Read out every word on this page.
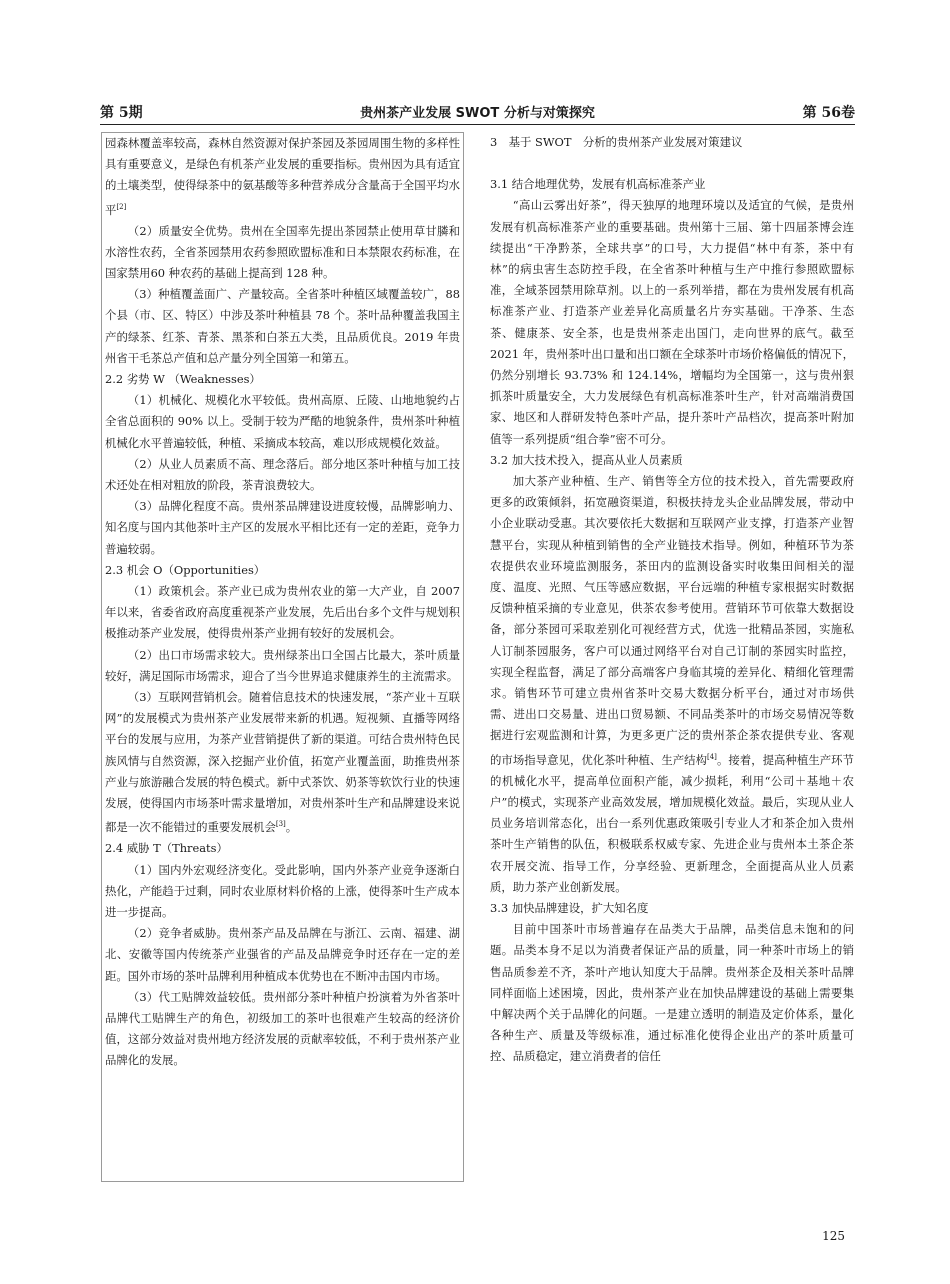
第 5期	贵州茶产业发展 SWOT 分析与对策探究	第 56卷

园森林覆盖率较高，森林自然资源对保护茶园及茶园周围生物的多样性具有重要意义，是绿色有机茶产业发展的重要指标。贵州因为具有适宜的土壤类型，使得绿茶中的氨基酸等多种营养成分含量高于全国平均水平[2]

（2）质量安全优势。贵州在全国率先提出茶园禁止使用草甘膦和水溶性农药，全省茶园禁用农药参照欧盟标准和日本禁限农药标准，在国家禁用60 种农药的基础上提高到 128 种。

（3）种植覆盖面广、产量较高。全省茶叶种植区域覆盖较广，88 个县（市、区、特区）中涉及茶叶种植县 78 个。茶叶品种覆盖我国主产的绿茶、红茶、青茶、黑茶和白茶五大类，且品质优良。2019 年贵州省干毛茶总产值和总产量分列全国第一和第五。

2.2 劣势 W （Weaknesses）

（1）机械化、规模化水平较低。贵州高原、丘陵、山地地貌约占全省总面积的 90% 以上。受制于较为严酷的地貌条件，贵州茶叶种植机械化水平普遍较低，种植、采摘成本较高，难以形成规模化效益。

（2）从业人员素质不高、理念落后。部分地区茶叶种植与加工技术还处在相对粗放的阶段，茶青浪费较大。

（3）品牌化程度不高。贵州茶品牌建设进度较慢，品牌影响力、知名度与国内其他茶叶主产区的发展水平相比还有一定的差距，竞争力普遍较弱。

2.3 机会 O（Opportunities）

（1）政策机会。茶产业已成为贵州农业的第一大产业，自 2007 年以来，省委省政府高度重视茶产业发展，先后出台多个文件与规划积极推动茶产业发展，使得贵州茶产业拥有较好的发展机会。

（2）出口市场需求较大。贵州绿茶出口全国占比最大，茶叶质量较好，满足国际市场需求，迎合了当今世界追求健康养生的主流需求。

（3）互联网营销机会。随着信息技术的快速发展，“茶产业＋互联网”的发展模式为贵州茶产业发展带来新的机遇。短视频、直播等网络平台的发展与应用，为茶产业营销提供了新的渠道。可结合贵州特色民族风情与自然资源，深入挖掘产业价值，拓宽产业覆盖面，助推贵州茶产业与旅游融合发展的特色模式。新中式茶饮、奶茶等软饮行业的快速发展，使得国内市场茶叶需求量增加，对贵州茶叶生产和品牌建设来说都是一次不能错过的重要发展机会[3]。

2.4 威胁 T（Threats）

（1）国内外宏观经济变化。受此影响，国内外茶产业竞争逐渐白热化，产能趋于过剩，同时农业原材料价格的上涨，使得茶叶生产成本进一步提高。

（2）竞争者威胁。贵州茶产品及品牌在与浙江、云南、福建、湖北、安徽等国内传统茶产业强省的产品及品牌竞争时还存在一定的差距。国外市场的茶叶品牌利用种植成本优势也在不断冲击国内市场。

（3）代工贴牌效益较低。贵州部分茶叶种植户扮演着为外省茶叶品牌代工贴牌生产的角色，初级加工的茶叶也很难产生较高的经济价值，这部分效益对贵州地方经济发展的贡献率较低，不利于贵州茶产业品牌化的发展。

3　基于 SWOT　分析的贵州茶产业发展对策建议

3.1 结合地理优势，发展有机高标准茶产业

“高山云雾出好茶”，得天独厚的地理环境以及适宜的气候，是贵州发展有机高标准茶产业的重要基础。贵州第十三届、第十四届茶博会连续提出“干净黔茶，全球共享”的口号，大力提倡“林中有茶，茶中有林”的病虫害生态防控手段，在全省茶叶种植与生产中推行参照欧盟标准，全域茶园禁用除草剂。以上的一系列举措，都在为贵州发展有机高标准茶产业、打造茶产业差异化高质量名片夯实基础。干净茶、生态茶、健康茶、安全茶，也是贵州茶走出国门，走向世界的底气。截至2021 年，贵州茶叶出口量和出口额在全球茶叶市场价格偏低的情况下，仍然分别增长 93.73% 和 124.14%，增幅均为全国第一，这与贵州狠抓茶叶质量安全，大力发展绿色有机高标准茶叶生产，针对高端消费国家、地区和人群研发特色茶叶产品，提升茶叶产品档次，提高茶叶附加值等一系列提质“组合拳”密不可分。

3.2 加大技术投入，提高从业人员素质

加大茶产业种植、生产、销售等全方位的技术投入，首先需要政府更多的政策倾斜，拓宽融资渠道，积极扶持龙头企业品牌发展，带动中小企业联动受惠。其次要依托大数据和互联网产业支撑，打造茶产业智慧平台，实现从种植到销售的全产业链技术指导。例如，种植环节为茶农提供农业环境监测服务，茶田内的监测设备实时收集田间相关的湿度、温度、光照、气压等感应数据，平台远端的种植专家根据实时数据反馈种植采摘的专业意见，供茶农参考使用。营销环节可依靠大数据设备，部分茶园可采取差别化可视经营方式，优选一批精品茶园，实施私人订制茶园服务，客户可以通过网络平台对自己订制的茶园实时监控，实现全程监督，满足了部分高端客户身临其境的差异化、精细化管理需求。销售环节可建立贵州省茶叶交易大数据分析平台，通过对市场供需、进出口交易量、进出口贸易额、不同品类茶叶的市场交易情况等数据进行宏观监测和计算，为更多更广泛的贵州茶企茶农提供专业、客观的市场指导意见，优化茶叶种植、生产结构[4]。接着，提高种植生产环节的机械化水平，提高单位面积产能，减少损耗，利用“公司＋基地＋农户”的模式，实现茶产业高效发展，增加规模化效益。最后，实现从业人员业务培训常态化，出台一系列优惠政策吸引专业人才和茶企加入贵州茶叶生产销售的队伍，积极联系权威专家、先进企业与贵州本土茶企茶农开展交流、指导工作，分享经验、更新理念，全面提高从业人员素质，助力茶产业创新发展。

3.3 加快品牌建设，扩大知名度

目前中国茶叶市场普遍存在品类大于品牌，品类信息未饱和的问题。品类本身不足以为消费者保证产品的质量，同一种茶叶市场上的销售品质参差不齐，茶叶产地认知度大于品牌。贵州茶企及相关茶叶品牌同样面临上述困境，因此，贵州茶产业在加快品牌建设的基础上需要集中解决两个关于品牌化的问题。一是建立透明的制造及定价体系，量化各种生产、质量及等级标准，通过标准化使得企业出产的茶叶质量可控、品质稳定，建立消费者的信任

125
